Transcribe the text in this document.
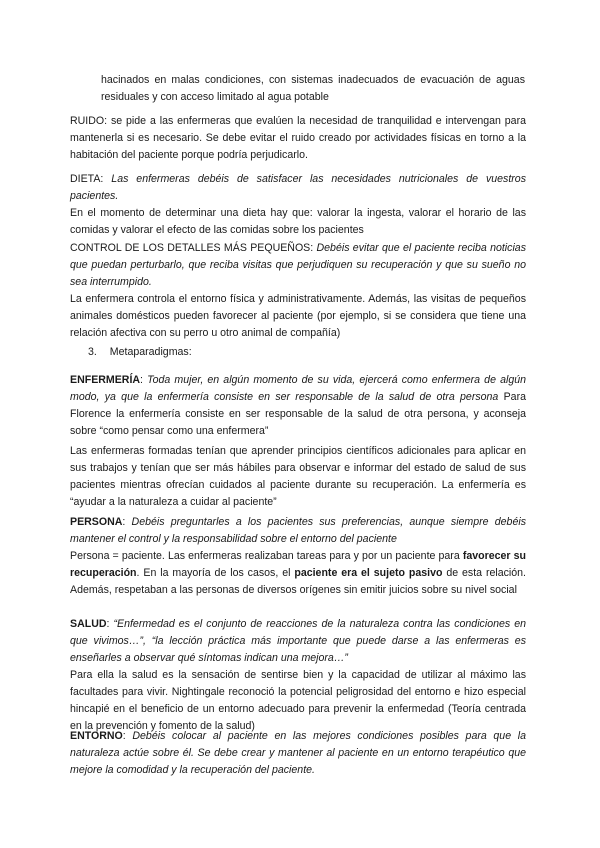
hacinados en malas condiciones, con sistemas inadecuados de evacuación de aguas residuales y con acceso limitado al agua potable

RUIDO: se pide a las enfermeras que evalúen la necesidad de tranquilidad e intervengan para mantenerla si es necesario. Se debe evitar el ruido creado por actividades físicas en torno a la habitación del paciente porque podría perjudicarlo.

DIETA: Las enfermeras debéis de satisfacer las necesidades nutricionales de vuestros pacientes.
En el momento de determinar una dieta hay que: valorar la ingesta, valorar el horario de las comidas y valorar el efecto de las comidas sobre los pacientes
CONTROL DE LOS DETALLES MÁS PEQUEÑOS: Debéis evitar que el paciente reciba noticias que puedan perturbarlo, que reciba visitas que perjudiquen su recuperación y que su sueño no sea interrumpido.
La enfermera controla el entorno física y administrativamente. Además, las visitas de pequeños animales domésticos pueden favorecer al paciente (por ejemplo, si se considera que tiene una relación afectiva con su perro u otro animal de compañía)
3. Metaparadigmas:
ENFERMERÍA: Toda mujer, en algún momento de su vida, ejercerá como enfermera de algún modo, ya que la enfermería consiste en ser responsable de la salud de otra persona Para Florence la enfermería consiste en ser responsable de la salud de otra persona, y aconseja sobre “como pensar como una enfermera”

Las enfermeras formadas tenían que aprender principios científicos adicionales para aplicar en sus trabajos y tenían que ser más hábiles para observar e informar del estado de salud de sus pacientes mientras ofrecían cuidados al paciente durante su recuperación. La enfermería es “ayudar a la naturaleza a cuidar al paciente”

PERSONA: Debéis preguntarles a los pacientes sus preferencias, aunque siempre debéis mantener el control y la responsabilidad sobre el entorno del paciente
Persona = paciente. Las enfermeras realizaban tareas para y por un paciente para favorecer su recuperación. En la mayoría de los casos, el paciente era el sujeto pasivo de esta relación. Además, respetaban a las personas de diversos orígenes sin emitir juicios sobre su nivel social
SALUD: “Enfermedad es el conjunto de reacciones de la naturaleza contra las condiciones en que vivimos…”, “la lección práctica más importante que puede darse a las enfermeras es enseñarles a observar qué síntomas indican una mejora…”
Para ella la salud es la sensación de sentirse bien y la capacidad de utilizar al máximo las facultades para vivir. Nightingale reconoció la potencial peligrosidad del entorno e hizo especial hincapié en el beneficio de un entorno adecuado para prevenir la enfermedad (Teoría centrada en la prevención y fomento de la salud)
ENTORNO: Debéis colocar al paciente en las mejores condiciones posibles para que la naturaleza actúe sobre él. Se debe crear y mantener al paciente en un entorno terapéutico que mejore la comodidad y la recuperación del paciente.
